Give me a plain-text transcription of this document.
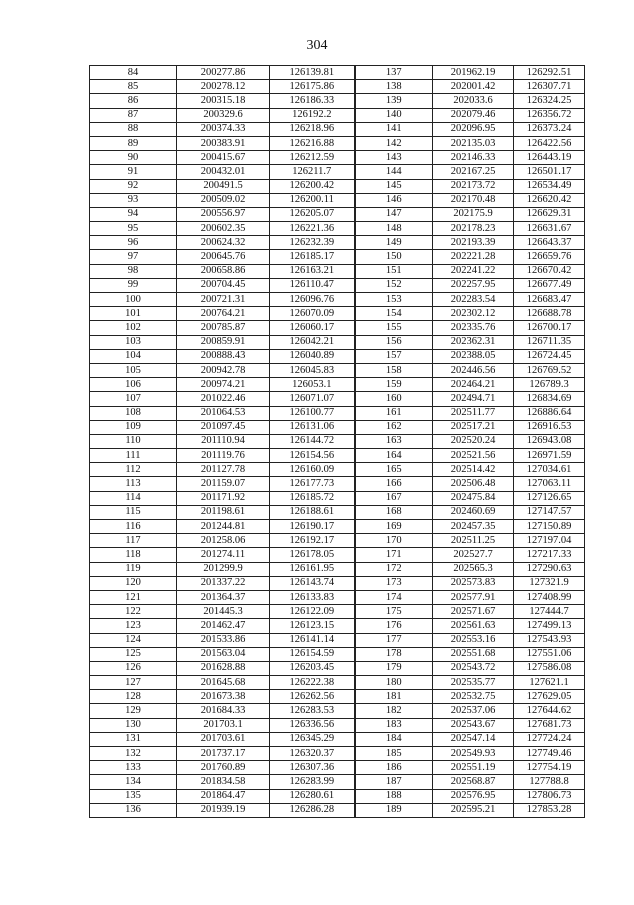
304
84	200277.86	126139.81	137	201962.19	126292.51
85	200278.12	126175.86	138	202001.42	126307.71
86	200315.18	126186.33	139	202033.6	126324.25
87	200329.6	126192.2	140	202079.46	126356.72
88	200374.33	126218.96	141	202096.95	126373.24
89	200383.91	126216.88	142	202135.03	126422.56
90	200415.67	126212.59	143	202146.33	126443.19
91	200432.01	126211.7	144	202167.25	126501.17
92	200491.5	126200.42	145	202173.72	126534.49
93	200509.02	126200.11	146	202170.48	126620.42
94	200556.97	126205.07	147	202175.9	126629.31
95	200602.35	126221.36	148	202178.23	126631.67
96	200624.32	126232.39	149	202193.39	126643.37
97	200645.76	126185.17	150	202221.28	126659.76
98	200658.86	126163.21	151	202241.22	126670.42
99	200704.45	126110.47	152	202257.95	126677.49
100	200721.31	126096.76	153	202283.54	126683.47
101	200764.21	126070.09	154	202302.12	126688.78
102	200785.87	126060.17	155	202335.76	126700.17
103	200859.91	126042.21	156	202362.31	126711.35
104	200888.43	126040.89	157	202388.05	126724.45
105	200942.78	126045.83	158	202446.56	126769.52
106	200974.21	126053.1	159	202464.21	126789.3
107	201022.46	126071.07	160	202494.71	126834.69
108	201064.53	126100.77	161	202511.77	126886.64
109	201097.45	126131.06	162	202517.21	126916.53
110	201110.94	126144.72	163	202520.24	126943.08
111	201119.76	126154.56	164	202521.56	126971.59
112	201127.78	126160.09	165	202514.42	127034.61
113	201159.07	126177.73	166	202506.48	127063.11
114	201171.92	126185.72	167	202475.84	127126.65
115	201198.61	126188.61	168	202460.69	127147.57
116	201244.81	126190.17	169	202457.35	127150.89
117	201258.06	126192.17	170	202511.25	127197.04
118	201274.11	126178.05	171	202527.7	127217.33
119	201299.9	126161.95	172	202565.3	127290.63
120	201337.22	126143.74	173	202573.83	127321.9
121	201364.37	126133.83	174	202577.91	127408.99
122	201445.3	126122.09	175	202571.67	127444.7
123	201462.47	126123.15	176	202561.63	127499.13
124	201533.86	126141.14	177	202553.16	127543.93
125	201563.04	126154.59	178	202551.68	127551.06
126	201628.88	126203.45	179	202543.72	127586.08
127	201645.68	126222.38	180	202535.77	127621.1
128	201673.38	126262.56	181	202532.75	127629.05
129	201684.33	126283.53	182	202537.06	127644.62
130	201703.1	126336.56	183	202543.67	127681.73
131	201703.61	126345.29	184	202547.14	127724.24
132	201737.17	126320.37	185	202549.93	127749.46
133	201760.89	126307.36	186	202551.19	127754.19
134	201834.58	126283.99	187	202568.87	127788.8
135	201864.47	126280.61	188	202576.95	127806.73
136	201939.19	126286.28	189	202595.21	127853.28
